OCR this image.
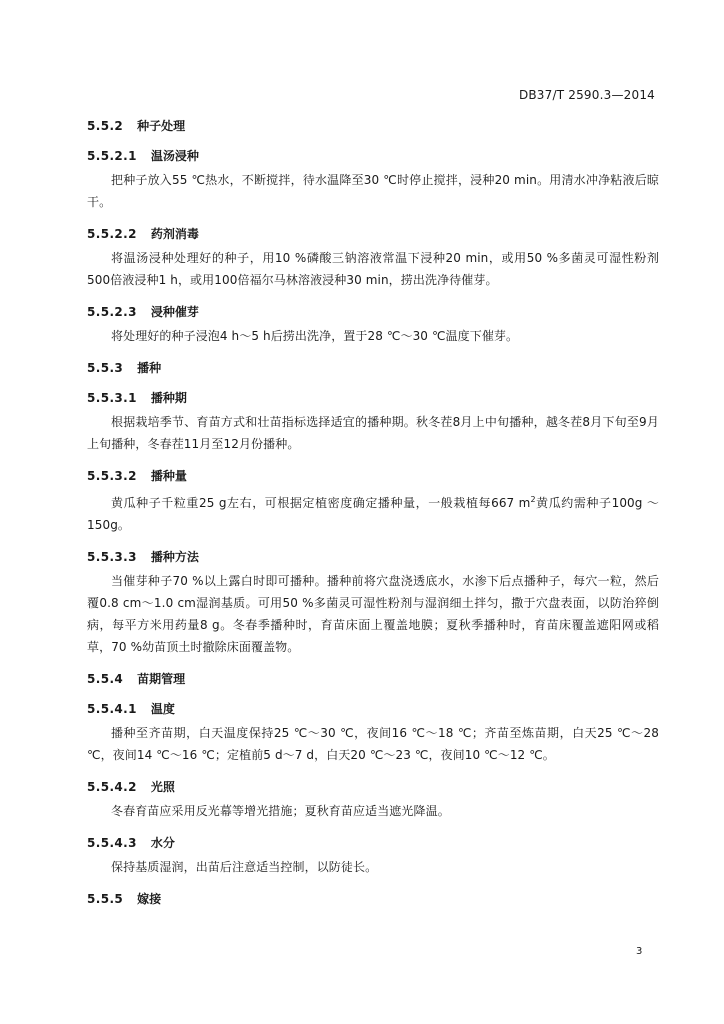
DB37/T 2590.3—2014
5.5.2 种子处理
5.5.2.1 温汤浸种

把种子放入55 ℃热水，不断搅拌，待水温降至30 ℃时停止搅拌，浸种20 min。用清水冲净粘液后晾干。

5.5.2.2 药剂消毒

将温汤浸种处理好的种子，用10 %磷酸三钠溶液常温下浸种20 min，或用50 %多菌灵可湿性粉剂500倍液浸种1 h，或用100倍福尔马林溶液浸种30 min，捞出洗净待催芽。

5.5.2.3 浸种催芽

将处理好的种子浸泡4 h～5 h后捞出洗净，置于28 ℃～30 ℃温度下催芽。

5.5.3 播种
5.5.3.1 播种期

根据栽培季节、育苗方式和壮苗指标选择适宜的播种期。秋冬茬8月上中旬播种，越冬茬8月下旬至9月上旬播种，冬春茬11月至12月份播种。

5.5.3.2 播种量

黄瓜种子千粒重25 g左右，可根据定植密度确定播种量，一般栽植每667 $m^2$黄瓜约需种子100g ～150g。

5.5.3.3 播种方法

当催芽种子70 %以上露白时即可播种。播种前将穴盘浇透底水，水渗下后点播种子，每穴一粒，然后覆0.8 cm～1.0 cm湿润基质。可用50 %多菌灵可湿性粉剂与湿润细土拌匀，撒于穴盘表面，以防治猝倒病，每平方米用药量8 g。冬春季播种时，育苗床面上覆盖地膜；夏秋季播种时，育苗床覆盖遮阳网或稻草，70 %幼苗顶土时撤除床面覆盖物。

5.5.4 苗期管理
5.5.4.1 温度

播种至齐苗期，白天温度保持25 ℃～30 ℃，夜间16 ℃～18 ℃；齐苗至炼苗期，白天25 ℃～28 ℃，夜间14 ℃～16 ℃；定植前5 d～7 d，白天20 ℃～23 ℃，夜间10 ℃～12 ℃。

5.5.4.2 光照

冬春育苗应采用反光幕等增光措施；夏秋育苗应适当遮光降温。

5.5.4.3 水分

保持基质湿润，出苗后注意适当控制，以防徒长。

5.5.5 嫁接
3
